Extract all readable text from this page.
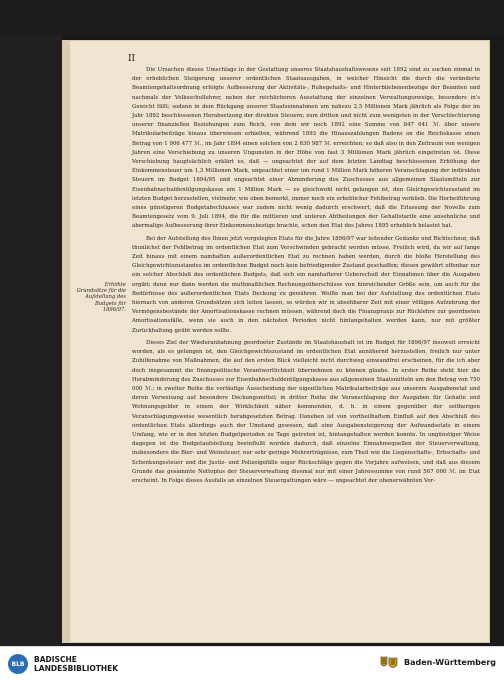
II
Erhöhte Grundsätze für die Aufstellung des Budgets für 1896/97.

Die Ursachen dieses Umschlags in der Gestaltung unseres Staatshaushaltswesens seit 1892 sind zu suchen einmal in der erheblichen Steigerung unserer ordentlichen Staatsausgaben, in welcher Hinsicht die durch die veränderte Beamtengehaltsordnung erfolgte Aufbesserung der Aktivitäts-, Ruhegehalts- und Hinterbliebenenbezüge der Beamten und nachmals der Volksschullehrer, neben der reichlicheren Ausstattung der einzelnen Verwaltungszweige, besonders in's Gewicht fällt; sodann in dem Rückgang unserer Staatseinnahmen um nahezu 2,5 Millionen Mark jährlich als Folge der im Jahr 1892 beschlossenen Herabsetzung der direkten Steuern; zum dritten und nicht zum wenigsten in der Verschlechterung unserer finanziellen Beziehungen zum Reich, von dem wir noch 1892 eine Summe von 847 641 ℳ. über unsere Matrikularbeiträge hinaus überwiesen erhielten, während 1893 die Hinauszahlungen Badens an die Reichskasse einen Betrag von 1 906 477 ℳ., im Jahr 1894 einen solchen von 2 630 987 ℳ. erreichten; so daß also in den Zeitraum von wenigen Jahren eine Verschiebung zu unseren Ungunsten in der Höhe von fast 3 Millionen Mark jährlich eingetreten ist. Diese Verschiebung hauptsächlich erklärt es, daß — ungeachtet der auf dem letzten Landtag beschlossenen Erhöhung der Einkommensteuer um 1,3 Millionen Mark, ungeachtet einer um rund 1 Million Mark höheren Veranschlagung der indirekten Steuern im Budget 1894/95 und ungeachtet einer Abminderung des Zuschusses aus allgemeinen Staatsmitteln zur Eisenbahnschuldentilgungskasse um 1 Million Mark — es gleichwohl nicht gelungen ist, den Gleichgewichtszustand im letzten Budget herzustellen, vielmehr, wie oben bemerkt, immer noch ein erheblicher Fehlbetrag verblieb. Die Herbeiführung eines günstigeren Budgetabschlusses war zudem nicht wenig dadurch erschwert, daß die Erlassung der Novelle zum Beamtengesetz vom 9. Juli 1894, die für die mittleren und unteren Abtheilungen der Gehaltstarife eine ansehnliche und abermalige Aufbesserung ihrer Einkommensbezüge brachte, schon den Etat des Jahres 1895 erheblich belastet hat.

Bei der Aufstellung des Ihnen jetzt vorgelegten Etats für die Jahre 1896/97 war leitender Gedanke und Richtschnur, daß thunlichst der Fehlbetrag im ordentlichen Etat zum Verschwinden gebracht werden müsse. Freilich wird, da wir auf lange Zeit hinaus mit einem namhaften außerordentlichen Etat zu rechnen haben werden, durch die bloße Herstellung des Gleichgewichtszustandes im ordentlichen Budget noch kein befriedigender Zustand geschaffen; diesen gewährt offenbar nur ein solcher Abschluß des ordentlichen Budgets, daß sich ein namhafterer Ueberschuß der Einnahmen über die Ausgaben ergibt; denn nur dann werden die muthmaßlichen Rechnungsüberschüsse von hinreichender Größe sein, um auch für die Bedürfnisse des außerordentlichen Etats Deckung zu gewähren. Wollte man bei der Aufstellung des ordentlichen Etats hiernach von anderen Grundsätzen sich leiten lassen, so würden wir in absehbarer Zeit mit einer völligen Aufzehrung der Vermögensbestände der Amortisationskasse rechnen müssen, während doch die Finanzpraxis zur Rücklehre zur geordneten Amortisationsfälle, wenn sie auch in den nächsten Perioden nicht hintangehalten werden kann, nur mit größter Zurückhaltung geübt werden sollte.

Dieses Ziel der Wiederanbahnung geordneter Zustände im Staatshaushalt ist im Budget für 1896/97 insoweit erreicht worden, als es gelungen ist, den Gleichgewichtszustand im ordentlichen Etat annähernd herzustellen, freilich nur unter Zuhilfenahme von Maßnahmen, die auf den ersten Blick vielleicht nicht durchweg einwandfrei erscheinen, für die ich aber doch insgesammt die finanzpolitische Verantwortlichkeit übernehmen zu können glaube. In erster Reihe steht hier die Herabminderung des Zuschusses zur Eisenbahnschuldentilgungskasse aus allgemeinen Staatsmitteln um den Betrag von 750 000 ℳ.; in zweiter Reihe die vorläufige Ausscheidung der eigentlichen Matrikularbeiträge aus unserem Ausgabenetat und deren Verweisung auf besondere Deckungsmittel; in dritter Reihe die Veranschlagung der Ausgaben für Gehalte und Wohnungsgelder in einem der Wirklichkeit näher kommenden, d. h. in einem gegenüber der seitherigen Veranschlagungsweise wesentlich herabgesetzten Betrag. Daneben ist von vortheilhaftem Einfluß auf den Abschluß des ordentlichen Etats allerdings auch der Umstand gewesen, daß eine Ausgabensteigerung der Aufwandsetats in einem Umfang, wie er in den letzten Budgetperioden zu Tage getreten ist, hintangehalten werden konnte. In ungünstiger Weise dagegen ist die Budgetaufstellung beeinflußt worden dadurch, daß einzelne Einnahmequellen der Steuerverwaltung, insbesondere die Bier- und Weinsteuer, nur sehr geringe Mehrerträgnisse, zum Theil wie die Liegenschafts-, Erbschafts- und Schenkungssteuer und die Justiz- und Polizeigefälle sogar Rückschläge gegen die Vorjahre aufweisen, und daß aus diesem Grunde das gesammte Nettoplus der Steuerverwaltung diesmal nur mit einer Jahressumme von rund 567 000 ℳ. im Etat erscheint. In Folge dieses Ausfalls an einzelnen Steuergattungen wäre — ungeachtet der obenerwähnten Vor-

BLB	BADISCHE
LANDESBIBLIOTHEK
Baden-Württemberg
